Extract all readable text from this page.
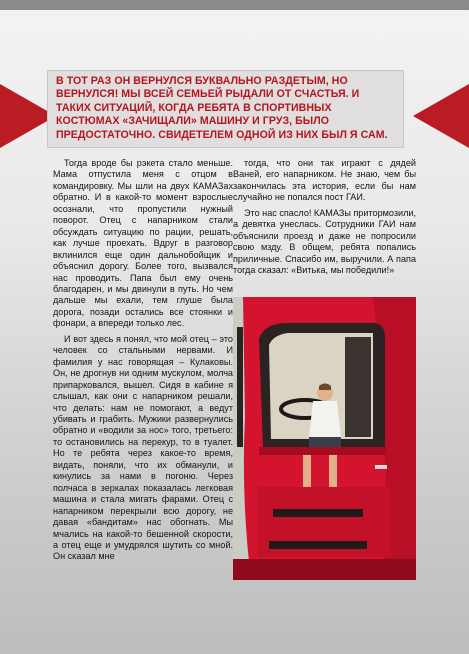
В ТОТ РАЗ ОН ВЕРНУЛСЯ БУКВАЛЬНО РАЗДЕТЫМ, НО ВЕРНУЛСЯ! МЫ ВСЕЙ СЕМЬЕЙ РЫДАЛИ ОТ СЧАСТЬЯ. И ТАКИХ СИТУАЦИЙ, КОГДА РЕБЯТА В СПОРТИВНЫХ КОСТЮМАХ «ЗАЧИЩАЛИ» МАШИНУ И ГРУЗ, БЫЛО ПРЕДОСТАТОЧНО. СВИДЕТЕЛЕМ ОДНОЙ ИЗ НИХ БЫЛ Я САМ.

Тогда вроде бы рэкета стало меньше. Мама отпустила меня с отцом в командировку. Мы шли на двух КАМАЗах обратно. И в какой-то момент взрослые осознали, что пропустили нужный поворот. Отец с напарником стали обсуждать ситуацию по рации, решать, как лучше проехать. Вдруг в разговор вклинился еще один дальнобойщик и объяснил дорогу. Более того, вызвался нас проводить. Папа был ему очень благодарен, и мы двинули в путь. Но чем дальше мы ехали, тем глуше была дорога, позади остались все стоянки и фонари, а впереди только лес.

И вот здесь я понял, что мой отец – это человек со стальными нервами. И фамилия у нас говорящая – Кулаковы. Он, не дрогнув ни одним мускулом, молча припарковался, вышел. Сидя в кабине я слышал, как они с напарником решали, что делать: нам не помогают, а ведут убивать и грабить. Мужики развернулись обратно и «водили за нос» того, третьего: то остановились на перекур, то в туалет. Но те ребята через какое-то время, видать, поняли, что их обманули, и кинулись за нами в погоню. Через полчаса в зеркалах показалась легковая машина и стала мигать фарами. Отец с напарником перекрыли всю дорогу, не давая «бандитам» нас обогнать. Мы мчались на какой-то бешенной скорости, а отец еще и умудрялся шутить со мной. Он сказал мне

тогда, что они так играют с дядей Ваней, его напарником. Не знаю, чем бы закончилась эта история, если бы нам случайно не попался пост ГАИ.

Это нас спасло! КАМАЗы притормозили, а девятка унеслась. Сотрудники ГАИ нам объяснили проезд и даже не попросили свою мзду. В общем, ребята попались приличные. Спасибо им, выручили. А папа тогда сказал: «Витька, мы победили!»
